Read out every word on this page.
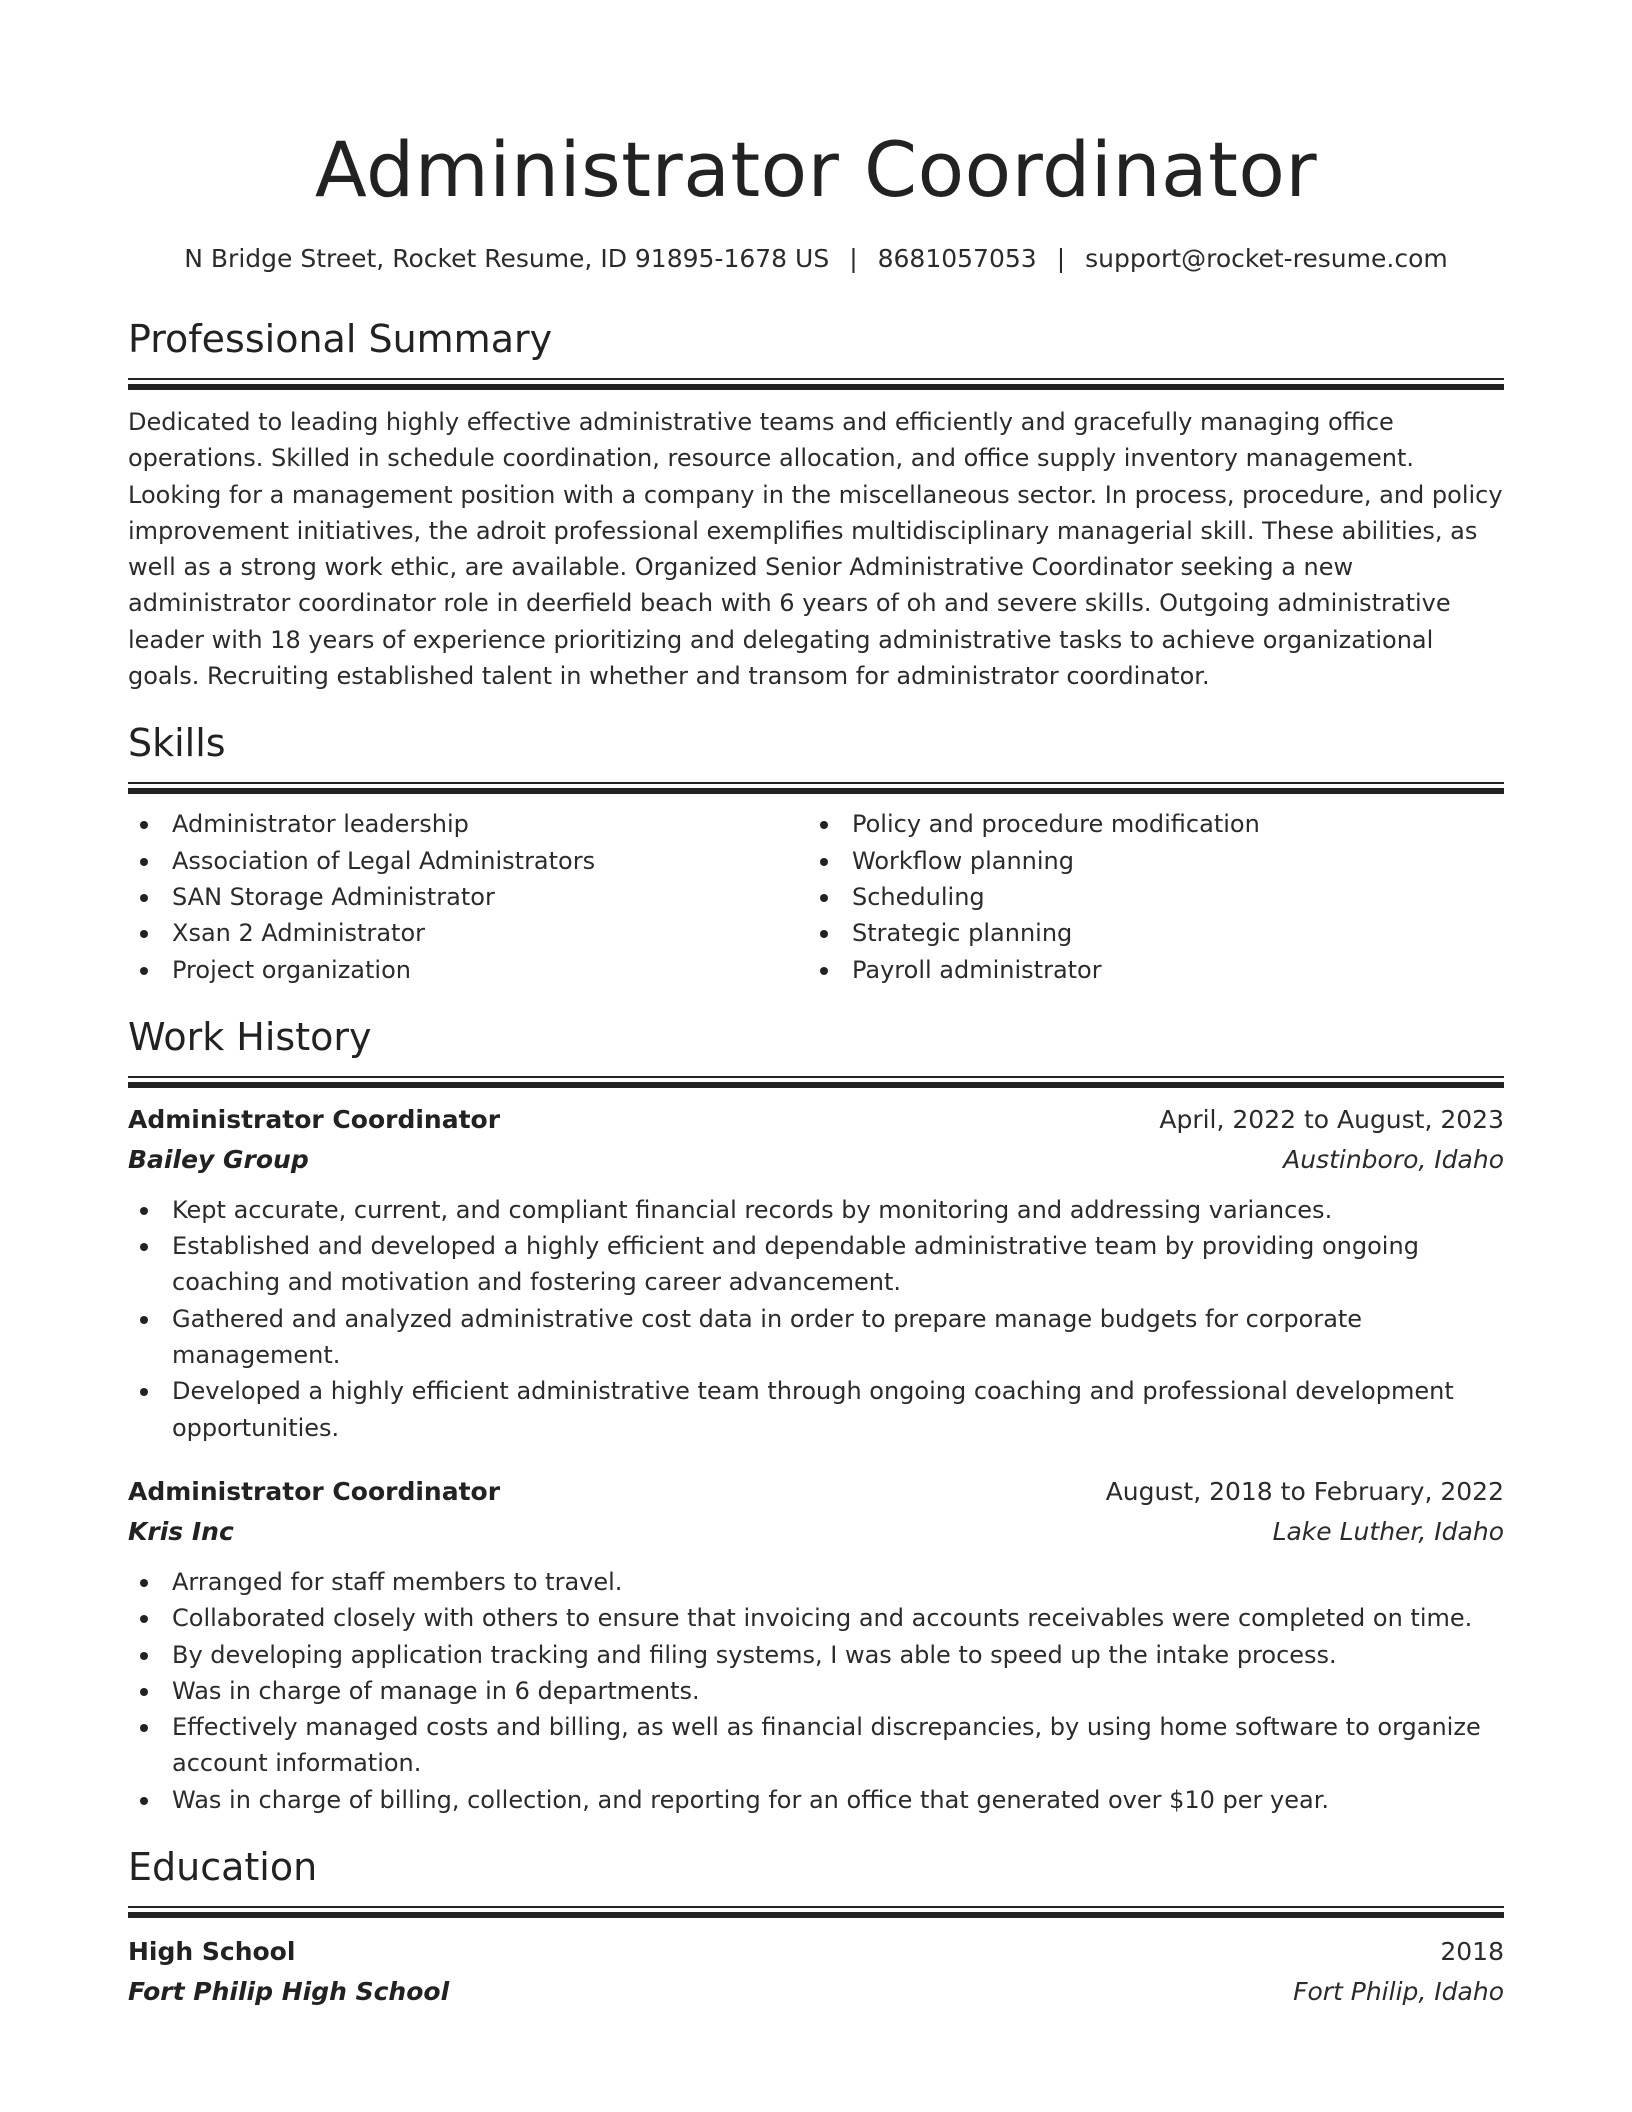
Administrator Coordinator
N Bridge Street, Rocket Resume, ID 91895-1678 US | 8681057053 | support@rocket-resume.com
Professional Summary

Dedicated to leading highly effective administrative teams and efficiently and gracefully managing office operations. Skilled in schedule coordination, resource allocation, and office supply inventory management. Looking for a management position with a company in the miscellaneous sector. In process, procedure, and policy improvement initiatives, the adroit professional exemplifies multidisciplinary managerial skill. These abilities, as well as a strong work ethic, are available. Organized Senior Administrative Coordinator seeking a new administrator coordinator role in deerfield beach with 6 years of oh and severe skills. Outgoing administrative leader with 18 years of experience prioritizing and delegating administrative tasks to achieve organizational goals. Recruiting established talent in whether and transom for administrator coordinator.

Skills
Administrator leadership
Association of Legal Administrators
SAN Storage Administrator
Xsan 2 Administrator
Project organization
Policy and procedure modification
Workflow planning
Scheduling
Strategic planning
Payroll administrator
Work History
Administrator Coordinator	April, 2022 to August, 2023
Bailey Group	Austinboro, Idaho
Kept accurate, current, and compliant financial records by monitoring and addressing variances.
Established and developed a highly efficient and dependable administrative team by providing ongoing coaching and motivation and fostering career advancement.
Gathered and analyzed administrative cost data in order to prepare manage budgets for corporate management.
Developed a highly efficient administrative team through ongoing coaching and professional development opportunities.
Administrator Coordinator	August, 2018 to February, 2022
Kris Inc	Lake Luther, Idaho
Arranged for staff members to travel.
Collaborated closely with others to ensure that invoicing and accounts receivables were completed on time.
By developing application tracking and filing systems, I was able to speed up the intake process.
Was in charge of manage in 6 departments.
Effectively managed costs and billing, as well as financial discrepancies, by using home software to organize account information.
Was in charge of billing, collection, and reporting for an office that generated over $10 per year.
Education
High School	2018
Fort Philip High School	Fort Philip, Idaho
